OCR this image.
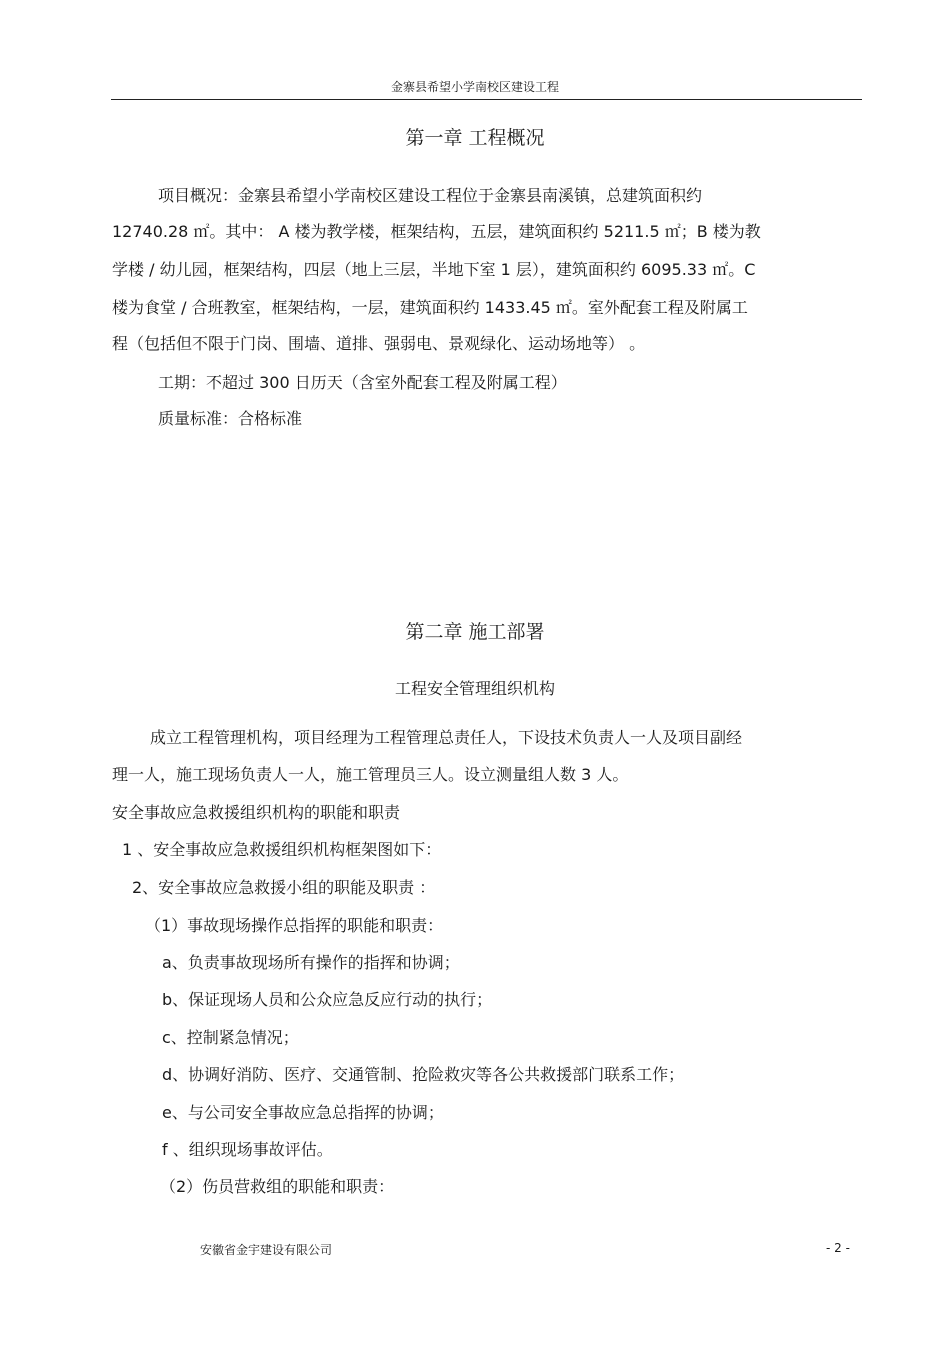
金寨县希望小学南校区建设工程
第一章 工程概况
项目概况：金寨县希望小学南校区建设工程位于金寨县南溪镇，总建筑面积约
12740.28 ㎡。其中： A 楼为教学楼，框架结构，五层，建筑面积约 5211.5 ㎡；B 楼为教
学楼 / 幼儿园，框架结构，四层（地上三层，半地下室 1 层），建筑面积约 6095.33 ㎡。C
楼为食堂 / 合班教室，框架结构，一层，建筑面积约 1433.45 ㎡。室外配套工程及附属工
程（包括但不限于门岗、围墙、道排、强弱电、景观绿化、运动场地等） 。
工期：不超过 300 日历天（含室外配套工程及附属工程）
质量标准：合格标准
第二章 施工部署
工程安全管理组织机构
成立工程管理机构，项目经理为工程管理总责任人，下设技术负责人一人及项目副经
理一人，施工现场负责人一人，施工管理员三人。设立测量组人数 3 人。
安全事故应急救援组织机构的职能和职责
1 、安全事故应急救援组织机构框架图如下：
2、安全事故应急救援小组的职能及职责 ：
（1）事故现场操作总指挥的职能和职责：
a、负责事故现场所有操作的指挥和协调；
b、保证现场人员和公众应急反应行动的执行；
c、控制紧急情况；
d、协调好消防、医疗、交通管制、抢险救灾等各公共救援部门联系工作；
e、与公司安全事故应急总指挥的协调；
f 、组织现场事故评估。
（2）伤员营救组的职能和职责：
安徽省金宇建设有限公司	- 2 -
